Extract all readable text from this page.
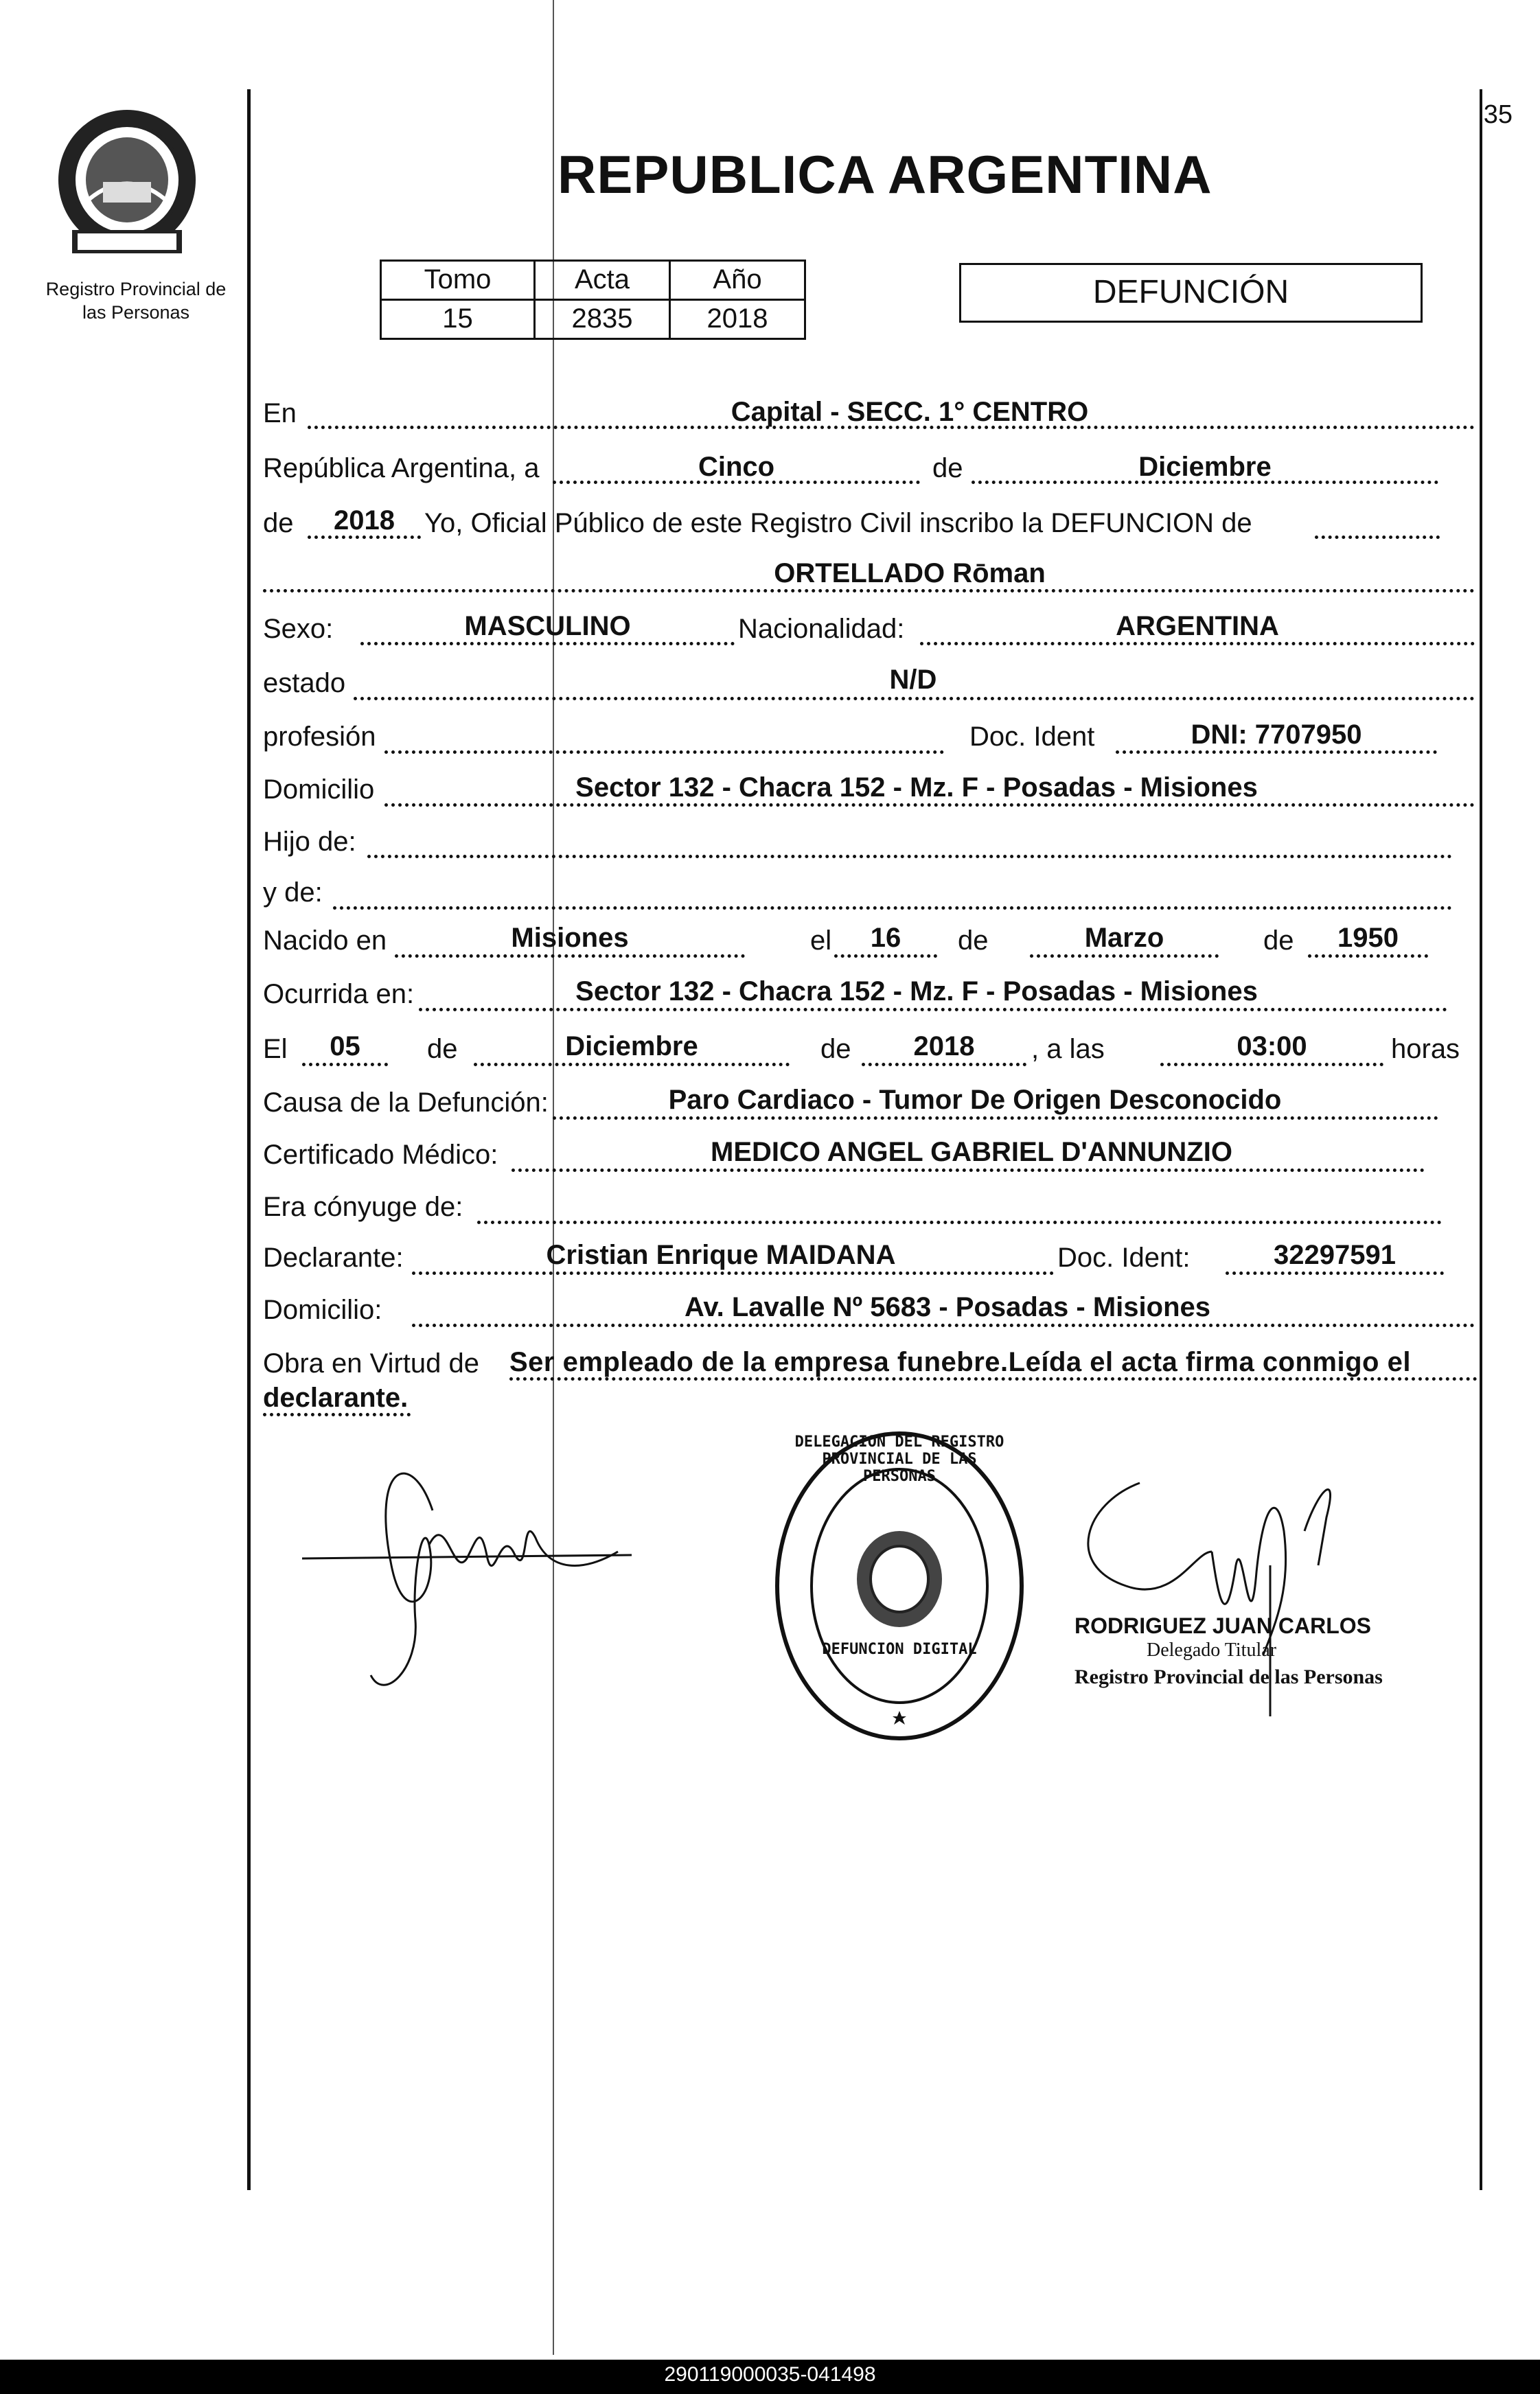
35
Registro Provincial de
las Personas
REPUBLICA ARGENTINA
Tomo	Acta	Año
15	2835	2018
DEFUNCIÓN
En	Capital - SECC. 1° CENTRO
República Argentina, a	Cinco	de	Diciembre
de	2018	Yo, Oficial Público de este Registro Civil inscribo la DEFUNCION de
ORTELLADO Rōman
Sexo:	MASCULINO	Nacionalidad:	ARGENTINA
estado	N/D
profesión	Doc. Ident	DNI: 7707950
Domicilio	Sector 132 - Chacra 152 - Mz. F - Posadas - Misiones
Hijo de:
y de:
Nacido en	Misiones	el	16	de	Marzo	de	1950
Ocurrida en:	Sector 132 - Chacra 152 - Mz. F - Posadas - Misiones
El	05	de	Diciembre	de	2018	, a las	03:00	horas
Causa de la Defunción:	Paro Cardiaco - Tumor De Origen Desconocido
Certificado Médico:	MEDICO ANGEL GABRIEL D'ANNUNZIO
Era cónyuge de:
Declarante:	Cristian Enrique MAIDANA	Doc. Ident:	32297591
Domicilio:	Av. Lavalle Nº 5683 - Posadas - Misiones
Obra en Virtud de Ser empleado de la empresa funebre.Leída el acta firma conmigo el
declarante.
DELEGACION DEL REGISTRO PROVINCIAL DE LAS PERSONAS
DEFUNCION DIGITAL
RODRIGUEZ JUAN CARLOS
Delegado Titular
Registro Provincial de las Personas
290119000035-041498
